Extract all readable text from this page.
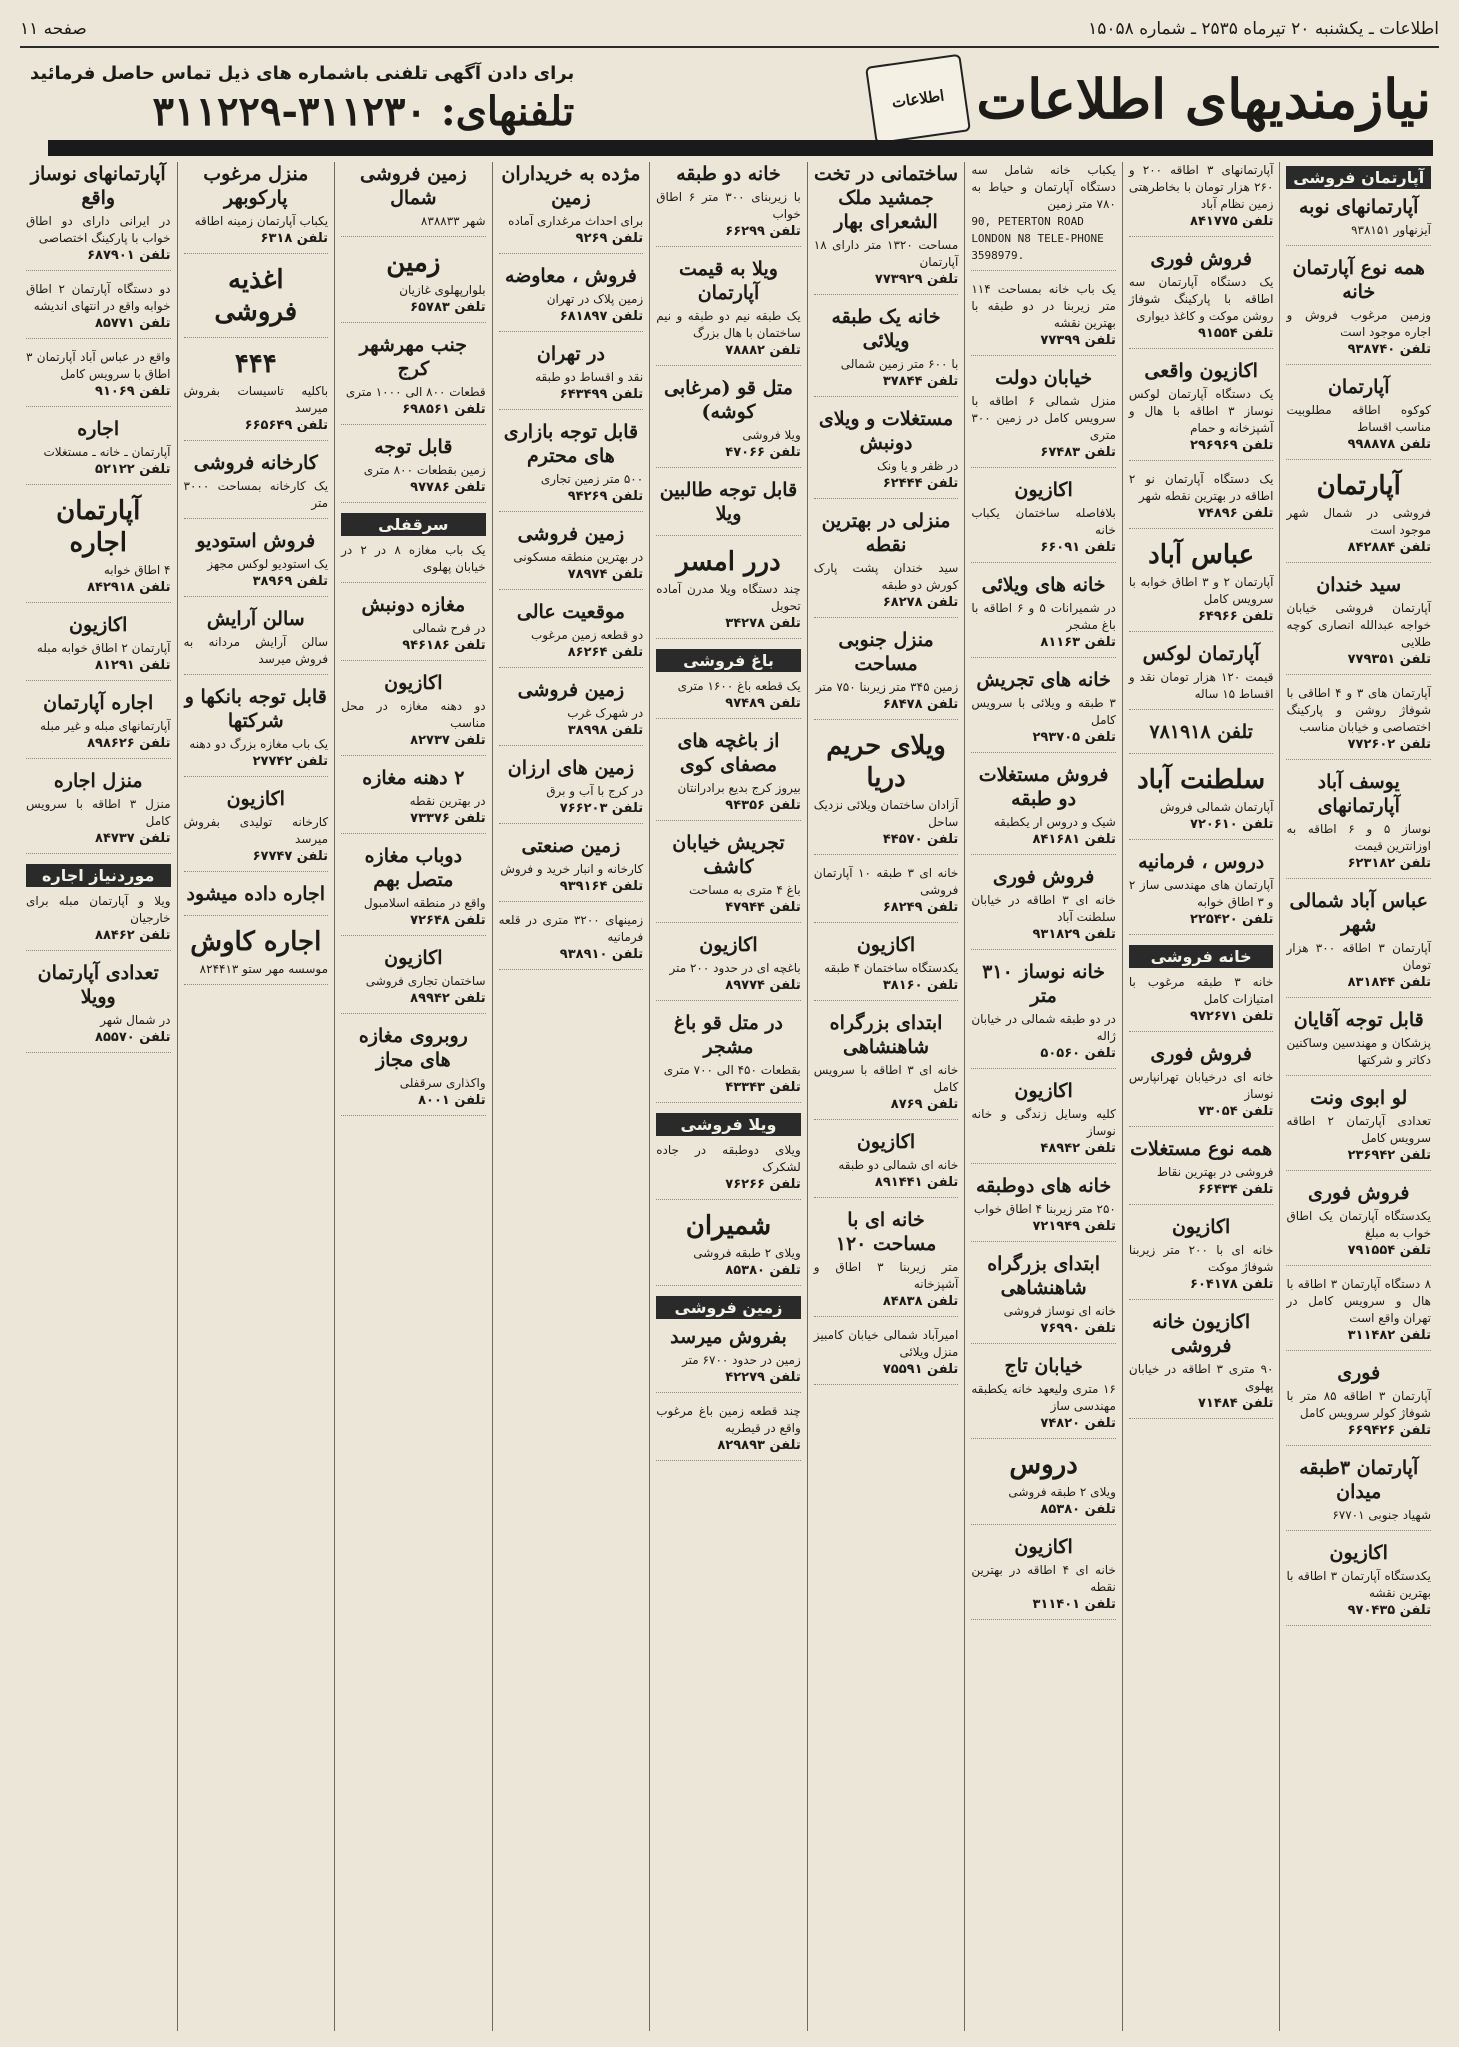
صفحه ۱۱	اطلاعات ـ یکشنبه ۲۰ تیرماه ۲۵۳۵ ـ شماره ۱۵۰۵۸
برای دادن آگهی تلفنی باشماره های ذیل تماس حاصل فرمائید
تلفنهای: ۳۱۱۲۳۰-۳۱۱۲۲۹	نیازمندیهای اطلاعات
اطلاعات
آپارتمان فروشی
آپارتمانهای نوبه
آیزنهاور ۹۳۸۱۵۱
همه نوع آپارتمان خانه
وزمین مرغوب فروش و اجاره موجود است
تلفن ۹۳۸۷۴۰
آپارتمان
کوکوه اطاقه مطلوبیت مناسب اقساط
تلفن ۹۹۸۸۷۸
آپارتمان
فروشی در شمال شهر موجود است
تلفن ۸۴۲۸۸۴
سید خندان
آپارتمان فروشی خیابان خواجه عبدالله انصاری کوچه طلایی
تلفن ۷۷۹۳۵۱
آپارتمان های ۳ و ۴ اطاقی با شوفاژ روشن و پارکینگ اختصاصی و خیابان مناسب
تلفن ۷۷۲۶۰۲
یوسف آباد آپارتمانهای
نوساز ۵ و ۶ اطاقه به اوزانترین قیمت
تلفن ۶۲۳۱۸۲
عباس آباد شمالی شهر
آپارتمان ۳ اطاقه ۳۰۰ هزار تومان
تلفن ۸۳۱۸۴۴
قابل توجه آقایان
پزشکان و مهندسین وساکنین دکاتر و شرکتها
لو ابوی ونت
تعدادی آپارتمان ۲ اطاقه سرویس کامل
تلفن ۲۳۶۹۴۲
فروش فوری
یکدستگاه آپارتمان یک اطاق خواب به مبلغ
تلفن ۷۹۱۵۵۴
۸ دستگاه آپارتمان ۳ اطاقه با هال و سرویس کامل در تهران واقع است
تلفن ۳۱۱۴۸۲
فوری
آپارتمان ۳ اطاقه ۸۵ متر با شوفاژ کولر سرویس کامل
تلفن ۶۶۹۴۲۶
آپارتمان ۳طبقه میدان
شهیاد جنوبی ۶۷۷۰۱
اکازیون
یکدستگاه آپارتمان ۳ اطاقه با بهترین نقشه
تلفن ۹۷۰۴۳۵
آپارتمانهای ۳ اطاقه ۲۰۰ و ۲۶۰ هزار تومان با بخاطرهتی زمین نظام آباد
تلفن ۸۴۱۷۷۵
فروش فوری
یک دستگاه آپارتمان سه اطاقه با پارکینگ شوفاژ روشن موکت و کاغذ دیواری
تلفن ۹۱۵۵۴
اکازیون واقعی
یک دستگاه آپارتمان لوکس نوساز ۳ اطاقه با هال و آشپزخانه و حمام
تلفن ۲۹۶۹۶۹
یک دستگاه آپارتمان نو ۲ اطاقه در بهترین نقطه شهر
تلفن ۷۴۸۹۶
عباس آباد
آپارتمان ۲ و ۳ اطاق خوابه با سرویس کامل
تلفن ۶۴۹۶۶
آپارتمان لوکس
قیمت ۱۲۰ هزار تومان نقد و اقساط ۱۵ ساله
تلفن ۷۸۱۹۱۸
سلطنت آباد
آپارتمان شمالی فروش
تلفن ۷۲۰۶۱۰
دروس ، فرمانیه
آپارتمان های مهندسی ساز ۲ و ۳ اطاق خوابه
تلفن ۲۲۵۴۲۰
خانه فروشی
خانه ۳ طبقه مرغوب با امتیازات کامل
تلفن ۹۷۲۶۷۱
فروش فوری
خانه ای درخیابان تهرانپارس نوساز
تلفن ۷۳۰۵۴
همه نوع مستغلات
فروشی در بهترین نقاط
تلفن ۶۶۴۳۴
اکازیون
خانه ای با ۲۰۰ متر زیربنا شوفاژ موکت
تلفن ۶۰۴۱۷۸
اکازیون خانه فروشی
۹۰ متری ۳ اطاقه در خیابان پهلوی
تلفن ۷۱۴۸۴
یکباب خانه شامل سه دستگاه آپارتمان و حیاط به ۷۸۰ متر زمین
90, PETERTON ROAD LONDON N8 TELE-PHONE 3598979.
یک باب خانه بمساحت ۱۱۴ متر زیربنا در دو طبقه با بهترین نقشه
تلفن ۷۷۳۹۹
خیابان دولت
منزل شمالی ۶ اطاقه با سرویس کامل در زمین ۳۰۰ متری
تلفن ۶۷۴۸۳
اکازیون
بلافاصله ساختمان یکباب خانه
تلفن ۶۶۰۹۱
خانه های ویلائی
در شمیرانات ۵ و ۶ اطاقه با باغ مشجر
تلفن ۸۱۱۶۳
خانه های تجریش
۳ طبقه و ویلائی با سرویس کامل
تلفن ۲۹۳۷۰۵
فروش مستغلات دو طبقه
شیک و دروس ار یکطبقه
تلفن ۸۴۱۶۸۱
فروش فوری
خانه ای ۳ اطاقه در خیابان سلطنت آباد
تلفن ۹۳۱۸۲۹
خانه نوساز ۳۱۰ متر
در دو طبقه شمالی در خیابان ژاله
تلفن ۵۰۵۶۰
اکازیون
کلیه وسایل زندگی و خانه نوساز
تلفن ۴۸۹۴۲
خانه های دوطبقه
۲۵۰ متر زیربنا ۴ اطاق خواب
تلفن ۷۲۱۹۴۹
ابتدای بزرگراه شاهنشاهی
خانه ای نوساز فروشی
تلفن ۷۶۹۹۰
خیابان تاج
۱۶ متری ولیعهد خانه یکطبقه مهندسی ساز
تلفن ۷۴۸۲۰
دروس
ویلای ۲ طبقه فروشی
تلفن ۸۵۳۸۰
اکازیون
خانه ای ۴ اطاقه در بهترین نقطه
تلفن ۳۱۱۴۰۱
ساختمانی در تخت جمشید ملک الشعرای بهار
مساحت ۱۳۲۰ متر دارای ۱۸ آپارتمان
تلفن ۷۷۳۹۲۹
خانه یک طبقه ویلائی
با ۶۰۰ متر زمین شمالی
تلفن ۳۷۸۴۴
مستغلات و ویلای دونبش
در ظفر و یا ونک
تلفن ۶۲۴۴۴
منزلی در بهترین نقطه
سید خندان پشت پارک کورش دو طبقه
تلفن ۶۸۲۷۸
منزل جنوبی مساحت
زمین ۳۴۵ متر زیربنا ۷۵۰ متر
تلفن ۶۸۴۷۸
ویلای حریم دریا
آزادان ساختمان ویلائی نزدیک ساحل
تلفن ۴۴۵۷۰
خانه ای ۳ طبقه ۱۰ آپارتمان فروشی
تلفن ۶۸۲۴۹
اکازیون
یکدستگاه ساختمان ۴ طبقه
تلفن ۳۸۱۶۰
ابتدای بزرگراه شاهنشاهی
خانه ای ۳ اطاقه با سرویس کامل
تلفن ۸۷۶۹
اکازیون
خانه ای شمالی دو طبقه
تلفن ۸۹۱۴۴۱
خانه ای با مساحت ۱۲۰
متر زیربنا ۳ اطاق و آشپزخانه
تلفن ۸۴۸۳۸
امیرآباد شمالی خیابان کامبیز منزل ویلائی
تلفن ۷۵۵۹۱
خانه دو طبقه
با زیربنای ۳۰۰ متر ۶ اطاق خواب
تلفن ۶۶۲۹۹
ویلا به قیمت آپارتمان
یک طبقه نیم دو طبقه و نیم ساختمان با هال بزرگ
تلفن ۷۸۸۸۲
متل قو (مرغابی کوشه)
ویلا فروشی
تلفن ۴۷۰۶۶
قابل توجه طالبین ویلا
درر امسر
چند دستگاه ویلا مدرن آماده تحویل
تلفن ۳۴۲۷۸
باغ فروشی
یک قطعه باغ ۱۶۰۰ متری
تلفن ۹۷۴۸۹
از باغچه های مصفای کوی
بیروز کرج بدیع برادرانتان
تلفن ۹۴۳۵۶
تجریش خیابان کاشف
باغ ۴ متری به مساحت
تلفن ۴۷۹۴۴
اکازیون
باغچه ای در حدود ۲۰۰ متر
تلفن ۸۹۷۷۴
در متل قو باغ مشجر
بقطعات ۴۵۰ الی ۷۰۰ متری
تلفن ۴۳۳۴۳
ویلا فروشی
ویلای دوطبقه در جاده لشکرک
تلفن ۷۶۲۶۶
شمیران
ویلای ۲ طبقه فروشی
تلفن ۸۵۳۸۰
زمین فروشی
بفروش میرسد
زمین در حدود ۶۷۰۰ متر
تلفن ۴۲۲۷۹
چند قطعه زمین باغ مرغوب واقع در قیطریه
تلفن ۸۲۹۸۹۳
مژده به خریداران زمین
برای احداث مرغداری آماده
تلفن ۹۲۶۹
فروش ، معاوضه
زمین پلاک در تهران
تلفن ۶۸۱۸۹۷
در تهران
نقد و اقساط دو طبقه
تلفن ۶۴۳۴۹۹
قابل توجه بازاری های محترم
۵۰۰ متر زمین تجاری
تلفن ۹۴۲۶۹
زمین فروشی
در بهترین منطقه مسکونی
تلفن ۷۸۹۷۴
موقعیت عالی
دو قطعه زمین مرغوب
تلفن ۸۶۲۶۴
زمین فروشی
در شهرک غرب
تلفن ۳۸۹۹۸
زمین های ارزان
در کرج با آب و برق
تلفن ۷۶۶۲۰۳
زمین صنعتی
کارخانه و انبار خرید و فروش
تلفن ۹۳۹۱۶۴
زمینهای ۳۲۰۰ متری در قلعه فرمانیه
تلفن ۹۳۸۹۱۰
زمین فروشی شمال
شهر ۸۳۸۸۳۳
زمین
بلوارپهلوی غازیان
تلفن ۶۵۷۸۳
جنب مهرشهر کرج
قطعات ۸۰۰ الی ۱۰۰۰ متری
تلفن ۶۹۸۵۶۱
قابل توجه
زمین بقطعات ۸۰۰ متری
تلفن ۹۷۷۸۶
سرقفلی
یک باب مغازه ۸ در ۲ در خیابان پهلوی
مغازه دونبش
در فرح شمالی
تلفن ۹۴۶۱۸۶
اکازیون
دو دهنه مغازه در محل مناسب
تلفن ۸۲۷۳۷
۲ دهنه مغازه
در بهترین نقطه
تلفن ۷۳۳۷۶
دوباب مغازه متصل بهم
واقع در منطقه اسلامبول
تلفن ۷۲۶۴۸
اکازیون
ساختمان تجاری فروشی
تلفن ۸۹۹۴۲
روبروی مغازه های مجاز
واکذاری سرقفلی
تلفن ۸۰۰۱
منزل مرغوب پارکوبهر
یکباب آپارتمان زمینه اطاقه
تلفن ۶۳۱۸
اغذیه فروشی
۴۴۴
باکلیه تاسیسات بفروش میرسد
تلفن ۶۶۵۶۴۹
کارخانه فروشی
یک کارخانه بمساحت ۳۰۰۰ متر
فروش استودیو
یک استودیو لوکس مجهز
تلفن ۳۸۹۶۹
سالن آرایش
سالن آرایش مردانه به فروش میرسد
قابل توجه بانکها و شرکتها
یک باب مغازه بزرگ دو دهنه
تلفن ۲۷۷۴۲
اکازیون
کارخانه تولیدی بفروش میرسد
تلفن ۶۷۷۴۷
اجاره داده میشود
اجاره کاوش
موسسه مهر ستو ۸۲۴۴۱۳
آپارتمانهای نوساز واقع
در ایرانی دارای دو اطاق خواب با پارکینگ اختصاصی
تلفن ۶۸۷۹۰۱
دو دستگاه آپارتمان ۲ اطاق خوابه واقع در انتهای اندیشه
تلفن ۸۵۷۷۱
واقع در عباس آباد آپارتمان ۳ اطاق با سرویس کامل
تلفن ۹۱۰۶۹
اجاره
آپارتمان ـ خانه ـ مستغلات
تلفن ۵۲۱۲۲
آپارتمان اجاره
۴ اطاق خوابه
تلفن ۸۴۲۹۱۸
اکازیون
آپارتمان ۲ اطاق خوابه مبله
تلفن ۸۱۲۹۱
اجاره آپارتمان
آپارتمانهای مبله و غیر مبله
تلفن ۸۹۸۶۲۶
منزل اجاره
منزل ۳ اطاقه با سرویس کامل
تلفن ۸۴۷۳۷
موردنیاز اجاره
ویلا و آپارتمان مبله برای خارجیان
تلفن ۸۸۴۶۲
تعدادی آپارتمان وویلا
در شمال شهر
تلفن ۸۵۵۷۰
